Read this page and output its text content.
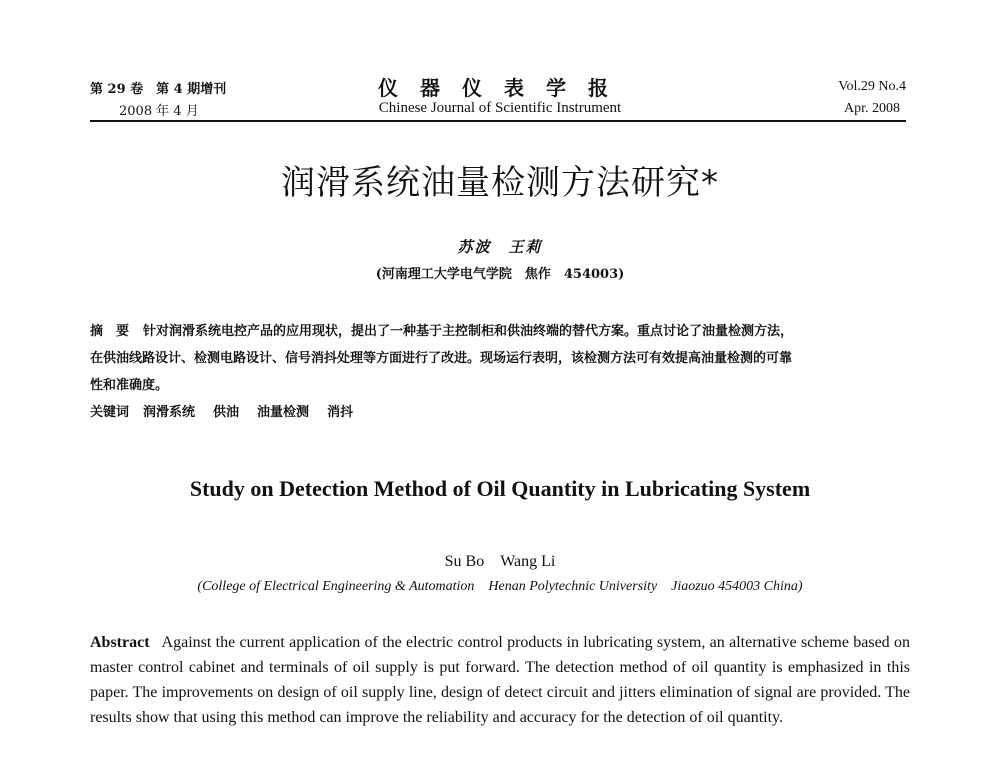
第 29 卷　第 4 期增刊
2008 年 4 月
仪器仪表学报
Chinese Journal of Scientific Instrument
Vol.29 No.4
Apr. 2008
润滑系统油量检测方法研究*
苏波　王莉
(河南理工大学电气学院　焦作　454003)

摘　要 针对润滑系统电控产品的应用现状，提出了一种基于主控制柜和供油终端的替代方案。重点讨论了油量检测方法，

在供油线路设计、检测电路设计、信号消抖处理等方面进行了改进。现场运行表明，该检测方法可有效提高油量检测的可靠

性和准确度。

关键词 润滑系统 供油 油量检测 消抖

Study on Detection Method of Oil Quantity in Lubricating System
Su Bo　Wang Li
(College of Electrical Engineering & Automation　Henan Polytechnic University　Jiaozuo 454003 China)
Abstract Against the current application of the electric control products in lubricating system, an alternative scheme based on master control cabinet and terminals of oil supply is put forward. The detection method of oil quantity is emphasized in this paper. The improvements on design of oil supply line, design of detect circuit and jitters elimination of signal are provided. The results show that using this method can improve the reliability and accuracy for the detection of oil quantity.
